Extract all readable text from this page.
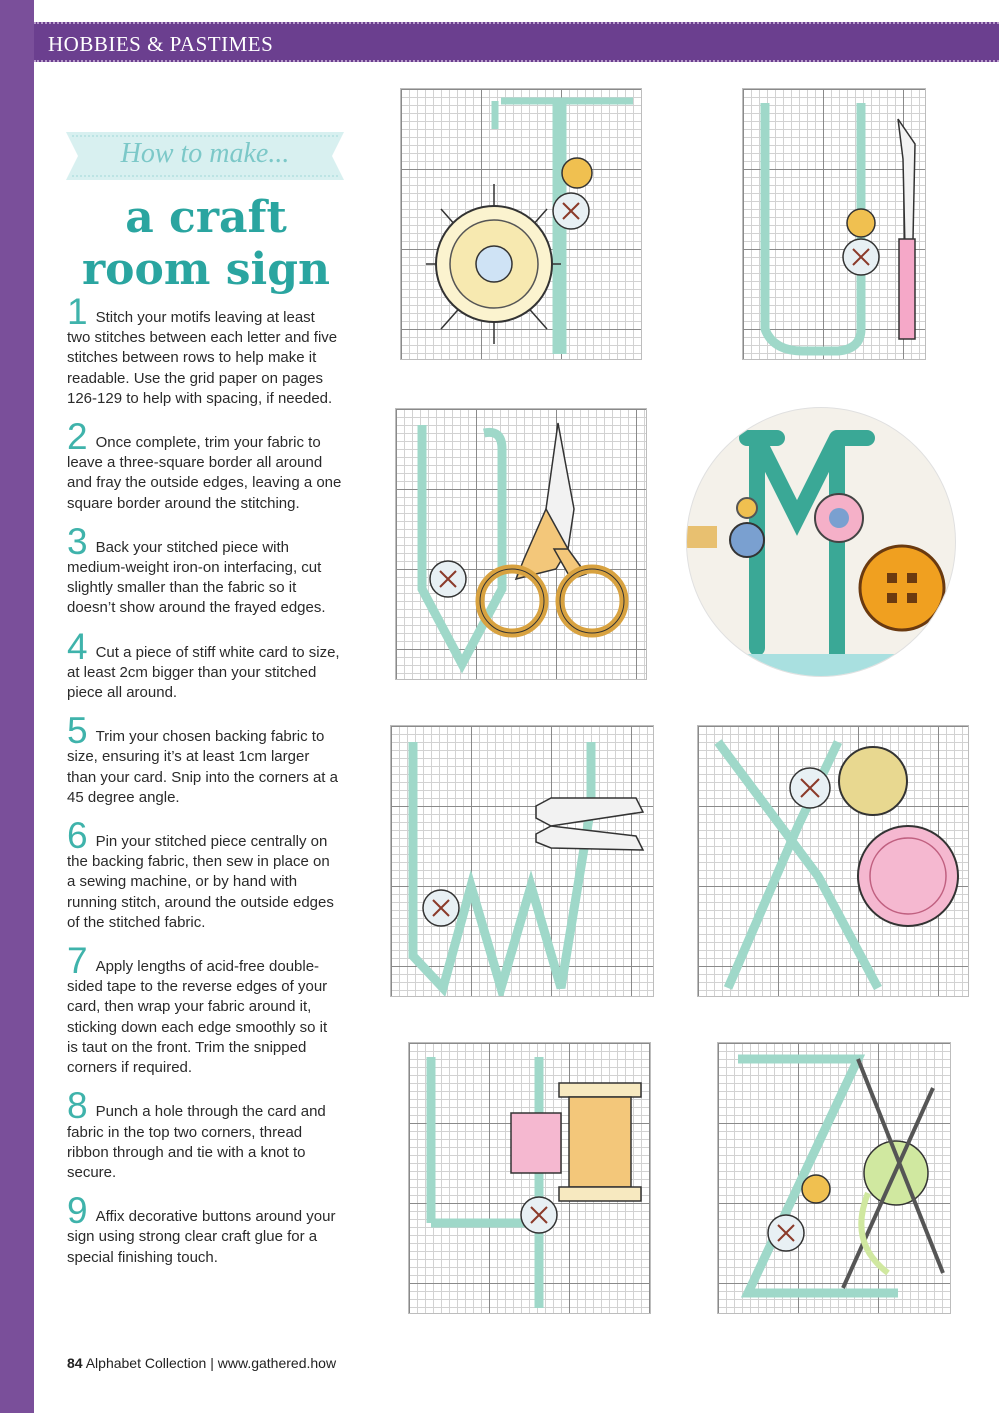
HOBBIES & PASTIMES
How to make...
a craft
room sign

1 Stitch your motifs leaving at least two stitches between each letter and five stitches between rows to help make it readable. Use the grid paper on pages 126-129 to help with spacing, if needed.

2 Once complete, trim your fabric to leave a three-square border all around and fray the outside edges, leaving a one square border around the stitching.

3 Back your stitched piece with medium-weight iron-on interfacing, cut slightly smaller than the fabric so it doesn’t show around the frayed edges.

4 Cut a piece of stiff white card to size, at least 2cm bigger than your stitched piece all around.

5 Trim your chosen backing fabric to size, ensuring it’s at least 1cm larger than your card. Snip into the corners at a 45 degree angle.

6 Pin your stitched piece centrally on the backing fabric, then sew in place on a sewing machine, or by hand with running stitch, around the outside edges of the stitched fabric.

7 Apply lengths of acid-free double-sided tape to the reverse edges of your card, then wrap your fabric around it, sticking down each edge smoothly so it is taut on the front. Trim the snipped corners if required.

8 Punch a hole through the card and fabric in the top two corners, thread ribbon through and tie with a knot to secure.

9 Affix decorative buttons around your sign using strong clear craft glue for a special finishing touch.

84 Alphabet Collection | www.gathered.how
